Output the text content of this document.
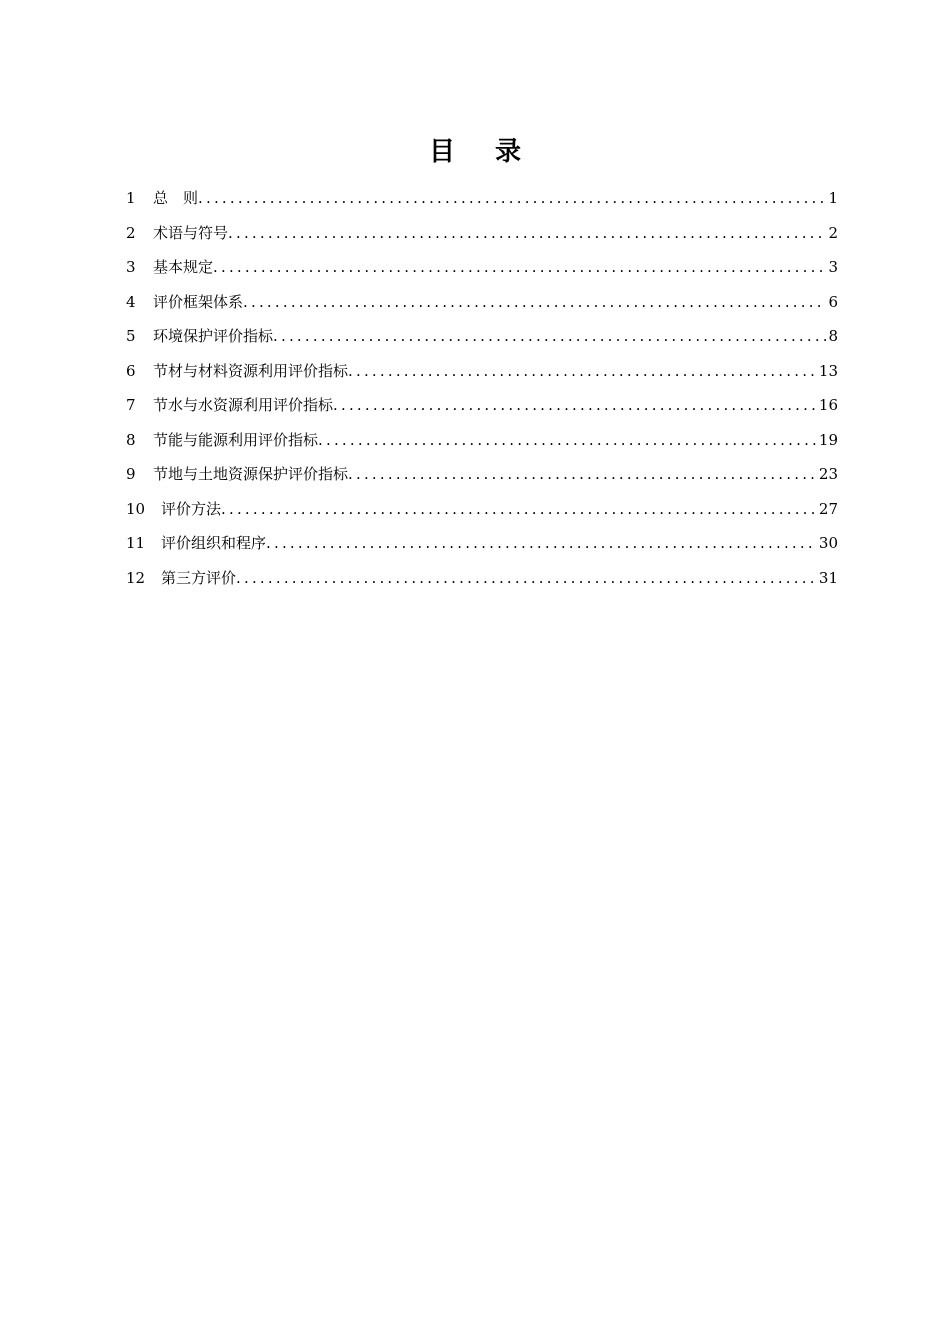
目录
1	总　则 .....	1
2	术语与符号 .....	2
3	基本规定 .....	3
4	评价框架体系 .....	6
5	环境保护评价指标 .....	8
6	节材与材料资源利用评价指标 .....	13
7	节水与水资源利用评价指标 .....	16
8	节能与能源利用评价指标 .....	19
9	节地与土地资源保护评价指标 .....	23
10	评价方法 .....	27
11	评价组织和程序 .....	30
12	第三方评价 .....	31
